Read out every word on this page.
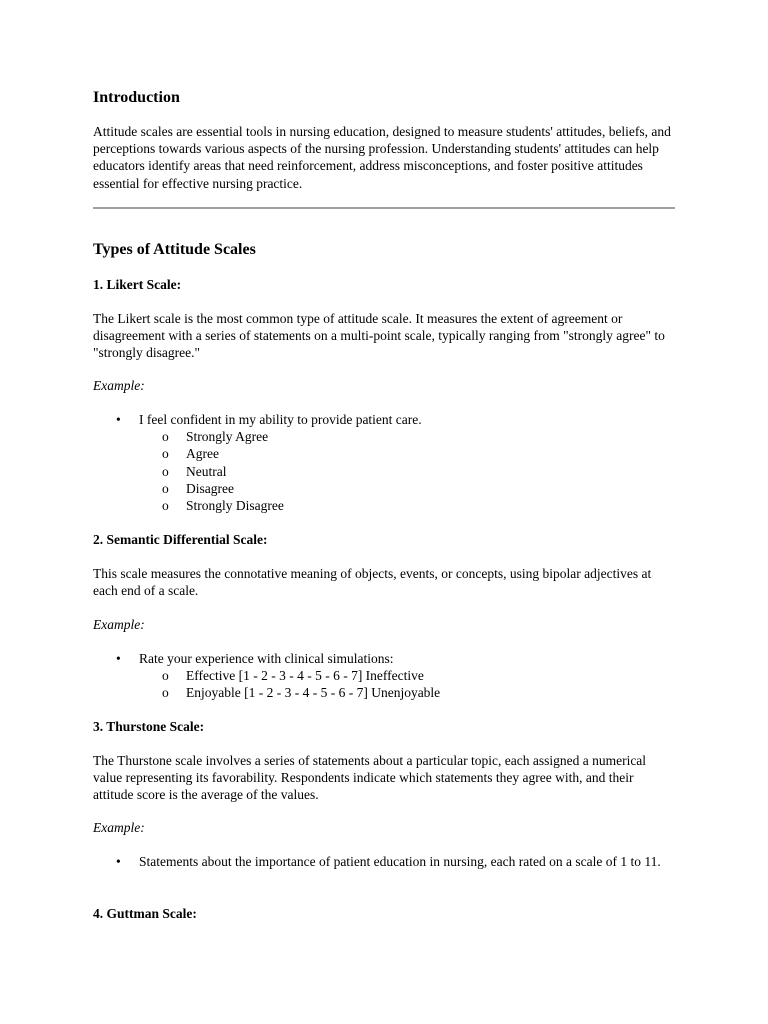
Introduction

Attitude scales are essential tools in nursing education, designed to measure students' attitudes, beliefs, and perceptions towards various aspects of the nursing profession. Understanding students' attitudes can help educators identify areas that need reinforcement, address misconceptions, and foster positive attitudes essential for effective nursing practice.

Types of Attitude Scales
1. Likert Scale:

The Likert scale is the most common type of attitude scale. It measures the extent of agreement or disagreement with a series of statements on a multi-point scale, typically ranging from "strongly agree" to "strongly disagree."

Example:

• I feel confident in my ability to provide patient care.
o Strongly Agree
o Agree
o Neutral
o Disagree
o Strongly Disagree
2. Semantic Differential Scale:

This scale measures the connotative meaning of objects, events, or concepts, using bipolar adjectives at each end of a scale.

Example:

• Rate your experience with clinical simulations:
o Effective [1 - 2 - 3 - 4 - 5 - 6 - 7] Ineffective
o Enjoyable [1 - 2 - 3 - 4 - 5 - 6 - 7] Unenjoyable
3. Thurstone Scale:

The Thurstone scale involves a series of statements about a particular topic, each assigned a numerical value representing its favorability. Respondents indicate which statements they agree with, and their attitude score is the average of the values.

Example:

• Statements about the importance of patient education in nursing, each rated on a scale of 1 to 11.
4. Guttman Scale:
